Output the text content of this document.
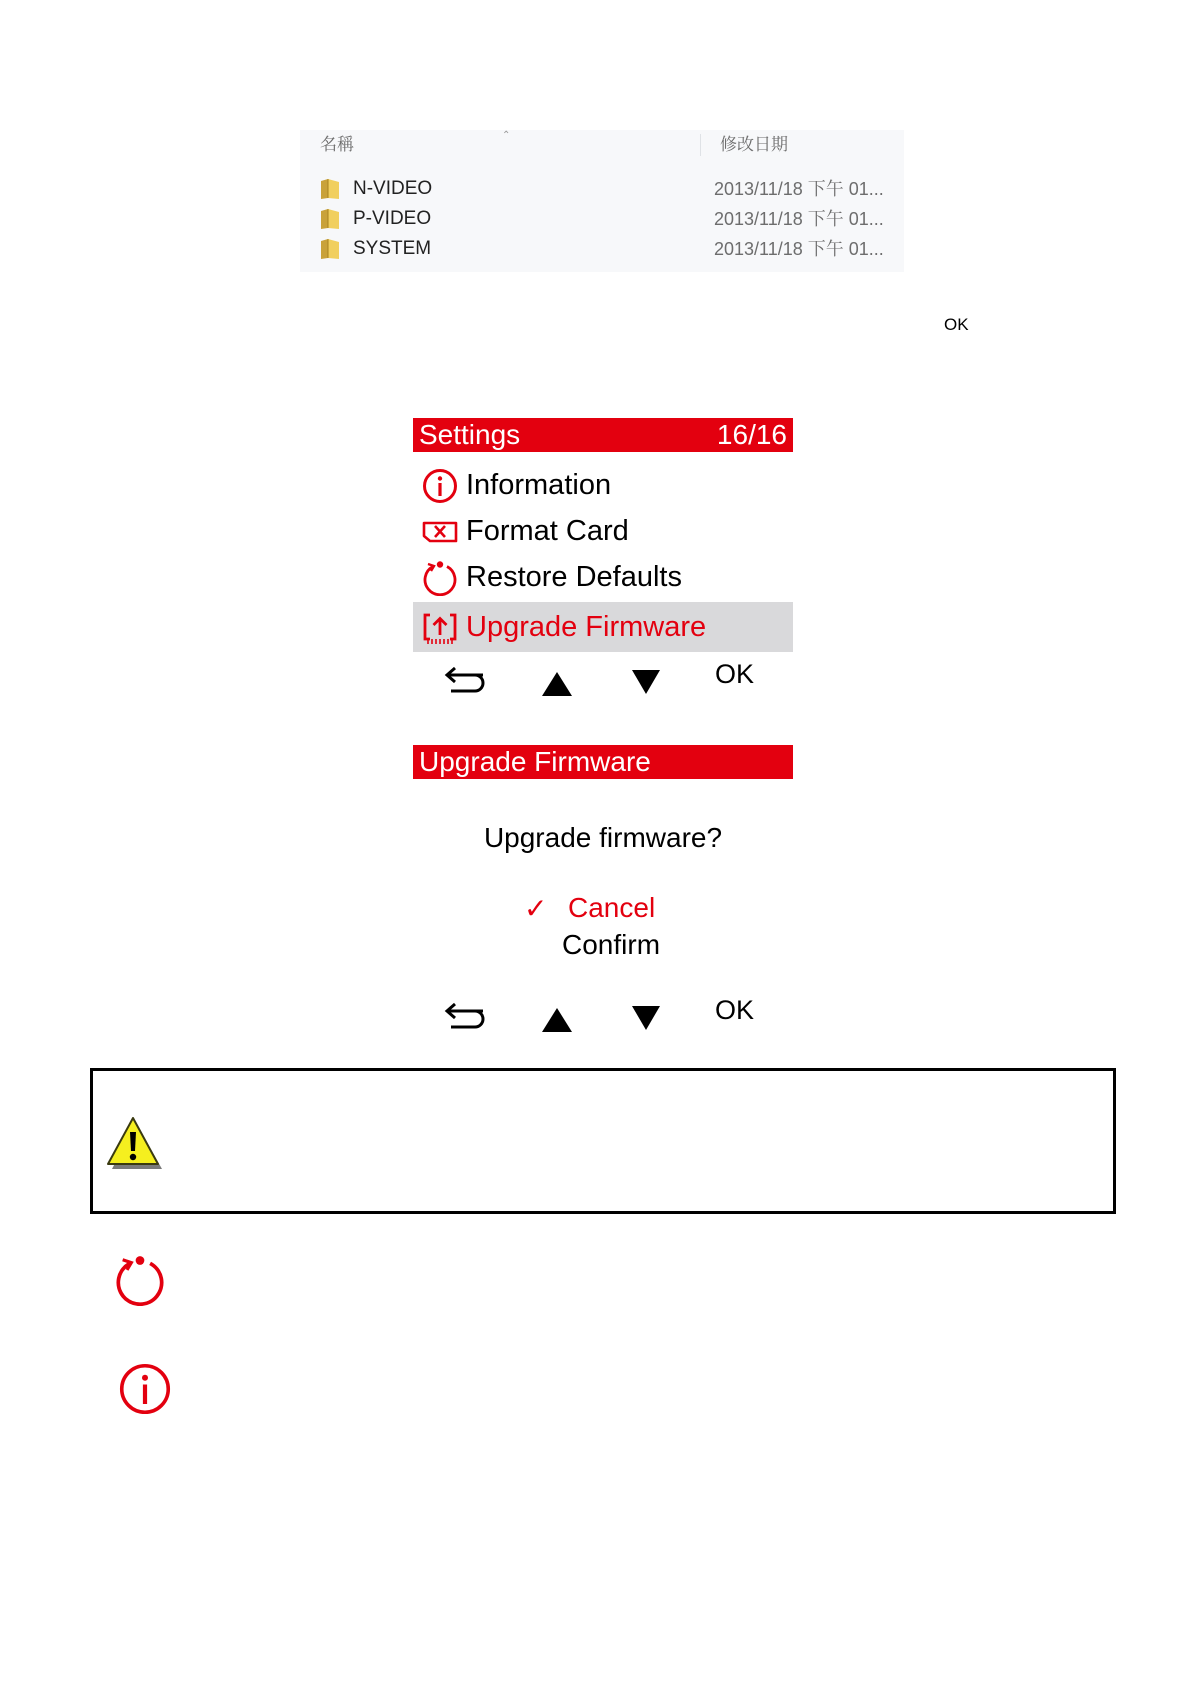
名稱	⌃	修改日期
N-VIDEO	2013/11/18 下午 01...
P-VIDEO	2013/11/18 下午 01...
SYSTEM	2013/11/18 下午 01...
OK
Settings	16/16
Information
Format Card
Restore Defaults
Upgrade Firmware
OK
Upgrade Firmware
Upgrade firmware?
✓ Cancel
Confirm
OK
